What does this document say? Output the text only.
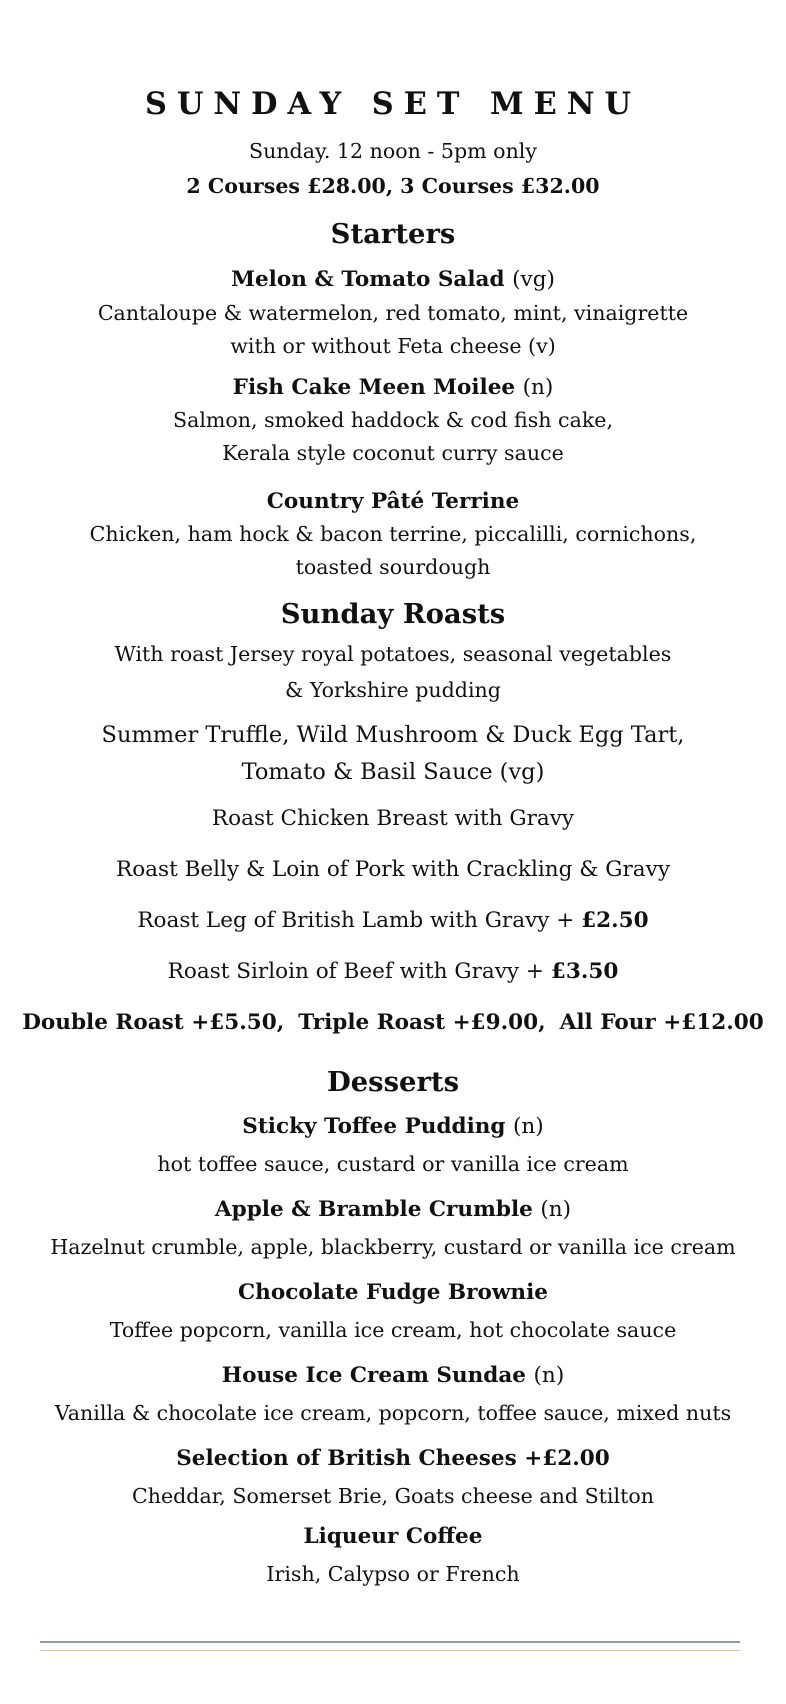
SUNDAY SET MENU
Sunday. 12 noon - 5pm only
2 Courses £28.00, 3 Courses £32.00
Starters
Melon & Tomato Salad (vg)
Cantaloupe & watermelon, red tomato, mint, vinaigrette
with or without Feta cheese (v)
Fish Cake Meen Moilee (n)
Salmon, smoked haddock & cod fish cake,
Kerala style coconut curry sauce
Country Pâté Terrine
Chicken, ham hock & bacon terrine, piccalilli, cornichons,
toasted sourdough
Sunday Roasts
With roast Jersey royal potatoes, seasonal vegetables
& Yorkshire pudding
Summer Truffle, Wild Mushroom & Duck Egg Tart,
Tomato & Basil Sauce (vg)
Roast Chicken Breast with Gravy
Roast Belly & Loin of Pork with Crackling & Gravy
Roast Leg of British Lamb with Gravy + £2.50
Roast Sirloin of Beef with Gravy + £3.50
Double Roast +£5.50, Triple Roast +£9.00, All Four +£12.00
Desserts
Sticky Toffee Pudding (n)
hot toffee sauce, custard or vanilla ice cream
Apple & Bramble Crumble (n)
Hazelnut crumble, apple, blackberry, custard or vanilla ice cream
Chocolate Fudge Brownie
Toffee popcorn, vanilla ice cream, hot chocolate sauce
House Ice Cream Sundae (n)
Vanilla & chocolate ice cream, popcorn, toffee sauce, mixed nuts
Selection of British Cheeses +£2.00
Cheddar, Somerset Brie, Goats cheese and Stilton
Liqueur Coffee
Irish, Calypso or French
